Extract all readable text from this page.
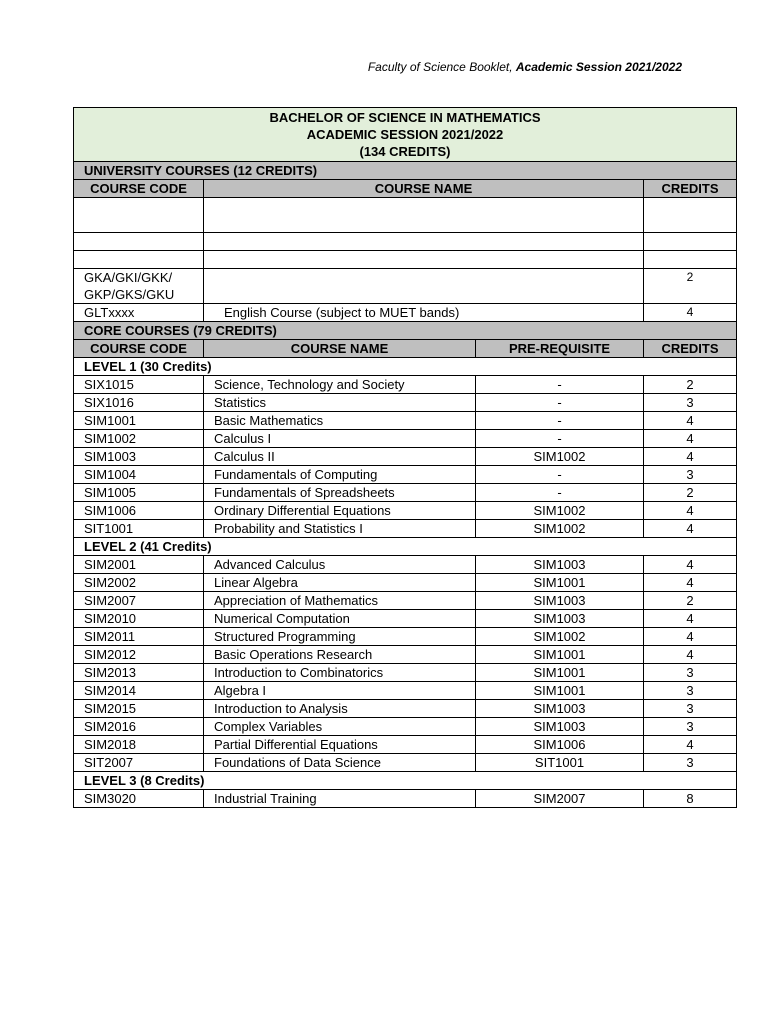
Faculty of Science Booklet, Academic Session 2021/2022
BACHELOR OF SCIENCE IN MATHEMATICS
ACADEMIC SESSION 2021/2022
(134 CREDITS)			

UNIVERSITY COURSES (12 CREDITS)			
COURSE CODE	COURSE NAME		CREDITS

GKA/GKI/GKK/
GKP/GKS/GKU			2
GLTxxxx	English Course (subject to MUET bands)		4
CORE COURSES (79 CREDITS)			
COURSE CODE	COURSE NAME	PRE-REQUISITE	CREDITS
LEVEL 1 (30 Credits)			
SIX1015	Science, Technology and Society	-	2
SIX1016	Statistics	-	3
SIM1001	Basic Mathematics	-	4
SIM1002	Calculus I	-	4
SIM1003	Calculus II	SIM1002	4
SIM1004	Fundamentals of Computing	-	3
SIM1005	Fundamentals of Spreadsheets	-	2
SIM1006	Ordinary Differential Equations	SIM1002	4
SIT1001	Probability and Statistics I	SIM1002	4
LEVEL 2 (41 Credits)			
SIM2001	Advanced Calculus	SIM1003	4
SIM2002	Linear Algebra	SIM1001	4
SIM2007	Appreciation of Mathematics	SIM1003	2
SIM2010	Numerical Computation	SIM1003	4
SIM2011	Structured Programming	SIM1002	4
SIM2012	Basic Operations Research	SIM1001	4
SIM2013	Introduction to Combinatorics	SIM1001	3
SIM2014	Algebra I	SIM1001	3
SIM2015	Introduction to Analysis	SIM1003	3
SIM2016	Complex Variables	SIM1003	3
SIM2018	Partial Differential Equations	SIM1006	4
SIT2007	Foundations of Data Science	SIT1001	3
LEVEL 3 (8 Credits)			
SIM3020	Industrial Training	SIM2007	8
